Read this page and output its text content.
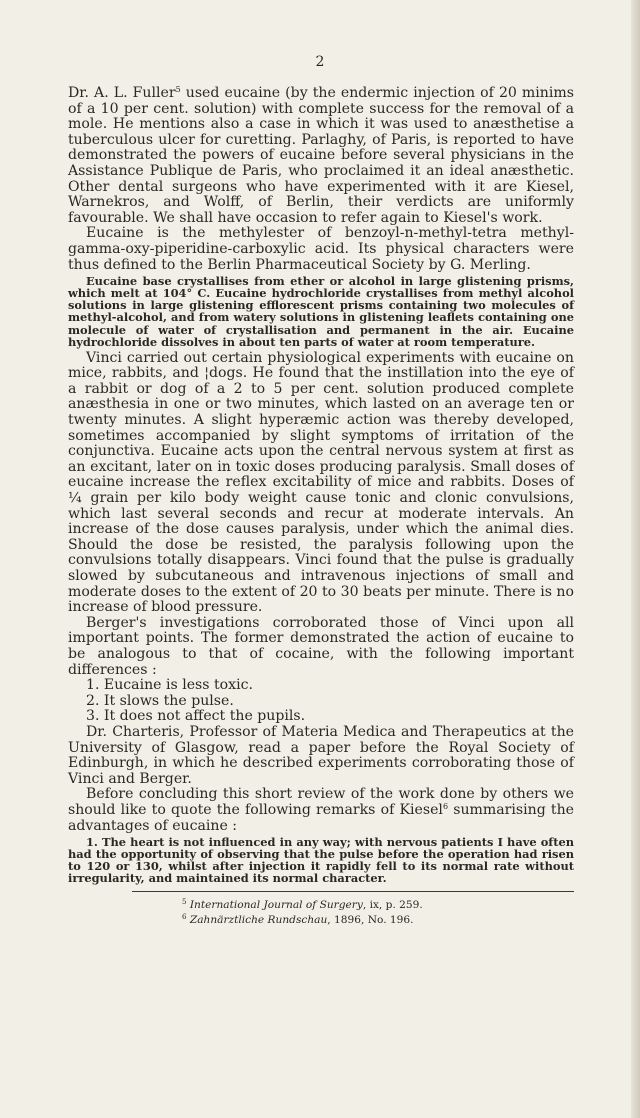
2

Dr. A. L. Fuller$^5$ used eucaine (by the endermic injection of 20 minims of a 10 per cent. solution) with complete success for the removal of a mole. He mentions also a case in which it was used to anæsthetise a tuberculous ulcer for curetting. Parlaghy, of Paris, is reported to have demonstrated the powers of eucaine before several physicians in the Assistance Publique de Paris, who proclaimed it an ideal anæsthetic. Other dental surgeons who have experimented with it are Kiesel, Warnekros, and Wolff, of Berlin, their verdicts are uniformly favourable. We shall have occasion to refer again to Kiesel's work.

Eucaine is the methylester of benzoyl-n-methyl-tetra methyl-gamma-oxy-piperidine-carboxylic acid. Its physical characters were thus defined to the Berlin Pharmaceutical Society by G. Merling.

Eucaine base crystallises from ether or alcohol in large glistening prisms, which melt at 104° C. Eucaine hydrochloride crystallises from methyl alcohol solutions in large glistening efflorescent prisms containing two molecules of methyl-alcohol, and from watery solutions in glistening leaflets containing one molecule of water of crystallisation and permanent in the air. Eucaine hydrochloride dissolves in about ten parts of water at room temperature.

Vinci carried out certain physiological experiments with eucaine on mice, rabbits, and ¦dogs. He found that the instillation into the eye of a rabbit or dog of a 2 to 5 per cent. solution produced complete anæsthesia in one or two minutes, which lasted on an average ten or twenty minutes. A slight hyperæmic action was thereby developed, sometimes accompanied by slight symptoms of irritation of the conjunctiva. Eucaine acts upon the central nervous system at first as an excitant, later on in toxic doses producing paralysis. Small doses of eucaine increase the reflex excitability of mice and rabbits. Doses of ¼ grain per kilo body weight cause tonic and clonic convulsions, which last several seconds and recur at moderate intervals. An increase of the dose causes paralysis, under which the animal dies. Should the dose be resisted, the paralysis following upon the convulsions totally disappears. Vinci found that the pulse is gradually slowed by subcutaneous and intravenous injections of small and moderate doses to the extent of 20 to 30 beats per minute. There is no increase of blood pressure.

Berger's investigations corroborated those of Vinci upon all important points. The former demonstrated the action of eucaine to be analogous to that of cocaine, with the following important differences :

1. Eucaine is less toxic.
2. It slows the pulse.
3. It does not affect the pupils.

Dr. Charteris, Professor of Materia Medica and Therapeutics at the University of Glasgow, read a paper before the Royal Society of Edinburgh, in which he described experiments corroborating those of Vinci and Berger.

Before concluding this short review of the work done by others we should like to quote the following remarks of Kiesel$^6$ summarising the advantages of eucaine :

1. The heart is not influenced in any way; with nervous patients I have often had the opportunity of observing that the pulse before the operation had risen to 120 or 130, whilst after injection it rapidly fell to its normal rate without irregularity, and maintained its normal character.

$^5$ International Journal of Surgery, ix, p. 259.
$^6$ Zahnärztliche Rundschau, 1896, No. 196.
